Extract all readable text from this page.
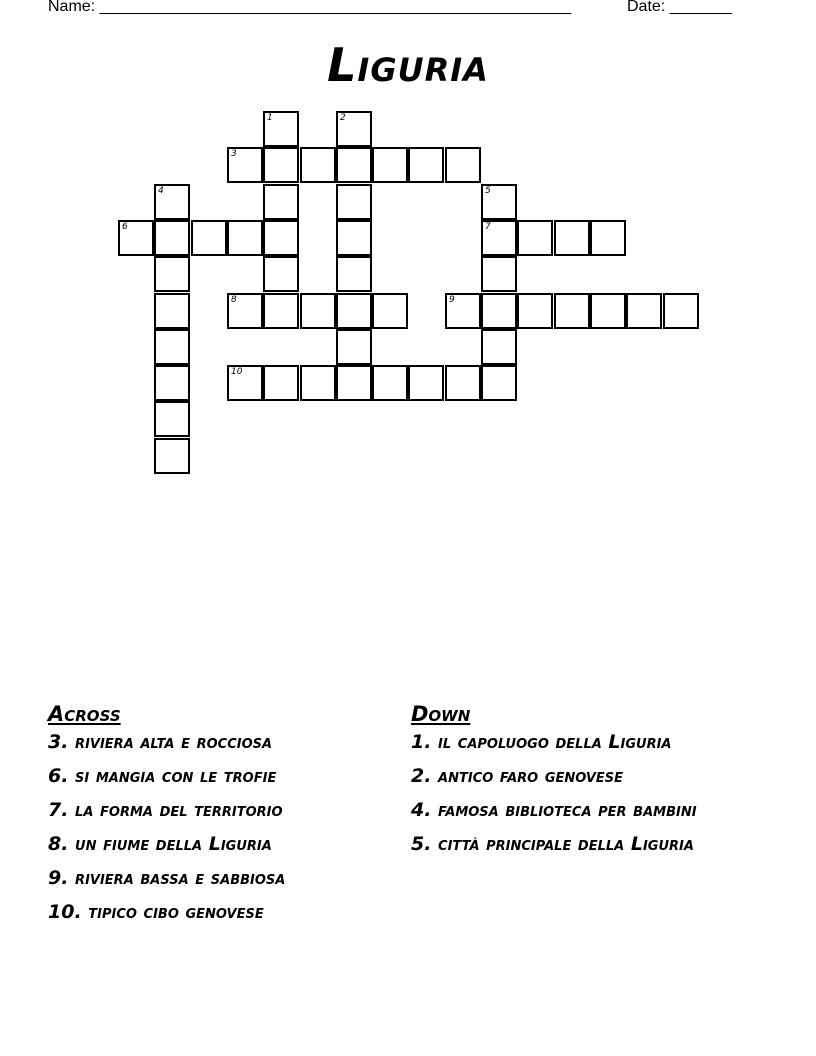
Name: _____________________________________________________	Date: _______
Liguria
3
6	7
8	9
10
1	2
4	5
Across
3. riviera alta e rocciosa
6. si mangia con le trofie
7. la forma del territorio
8. un fiume della Liguria
9. riviera bassa e sabbiosa
10. tipico cibo genovese
Down
1. il capoluogo della Liguria
2. antico faro genovese
4. famosa biblioteca per bambini
5. città principale della Liguria
